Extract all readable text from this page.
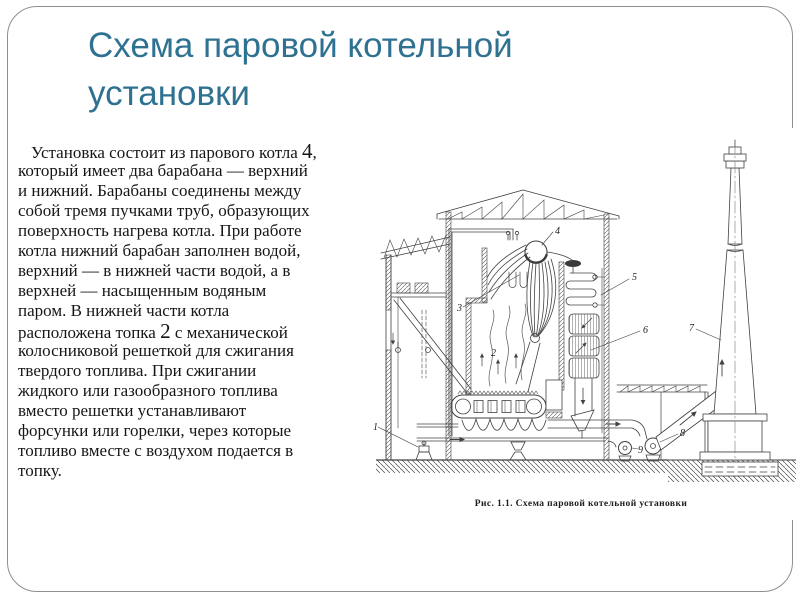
Схема паровой котельной установки
Установка состоит из парового котла 4,
который имеет два барабана — верхний
и нижний. Барабаны соединены между
собой тремя пучками труб, образующих
поверхность нагрева котла. При работе
котла нижний барабан заполнен водой,
верхний — в нижней части водой, а в
верхней — насыщенным водяным
паром. В нижней части котла
расположена топка 2 с механической
колосниковой решеткой для сжигания
твердого топлива. При сжигании
жидкого или газообразного топлива
вместо решетки устанавливают
форсунки или горелки, через которые
топливо вместе с воздухом подается в
топку.
1
2
3
4
5
6	7
8
9
Рис. 1.1. Схема паровой котельной установки
